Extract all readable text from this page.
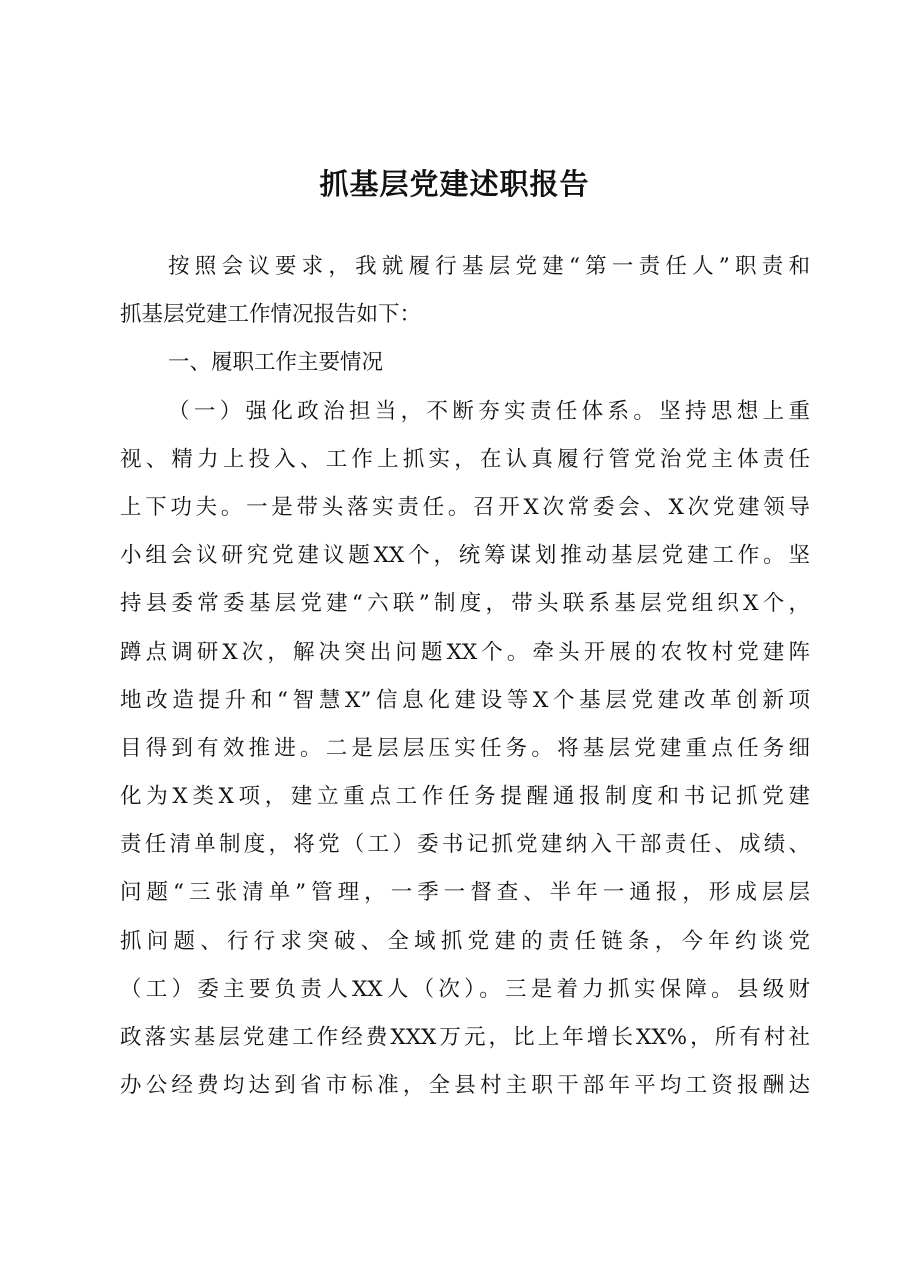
抓基层党建述职报告
按照会议要求，我就履行基层党建“第一责任人”职责和
抓基层党建工作情况报告如下：
一、履职工作主要情况
（一）强化政治担当，不断夯实责任体系。坚持思想上重
视、精力上投入、工作上抓实，在认真履行管党治党主体责任
上下功夫。一是带头落实责任。召开X次常委会、X次党建领导
小组会议研究党建议题XX个，统筹谋划推动基层党建工作。坚
持县委常委基层党建“六联”制度，带头联系基层党组织X个，
蹲点调研X次，解决突出问题XX个。牵头开展的农牧村党建阵
地改造提升和“智慧X”信息化建设等X个基层党建改革创新项
目得到有效推进。二是层层压实任务。将基层党建重点任务细
化为X类X项，建立重点工作任务提醒通报制度和书记抓党建
责任清单制度，将党（工）委书记抓党建纳入干部责任、成绩、
问题“三张清单”管理，一季一督查、半年一通报，形成层层
抓问题、行行求突破、全域抓党建的责任链条，今年约谈党
（工）委主要负责人XX人（次）。三是着力抓实保障。县级财
政落实基层党建工作经费XXX万元，比上年增长XX%，所有村社
办公经费均达到省市标准，全县村主职干部年平均工资报酬达
